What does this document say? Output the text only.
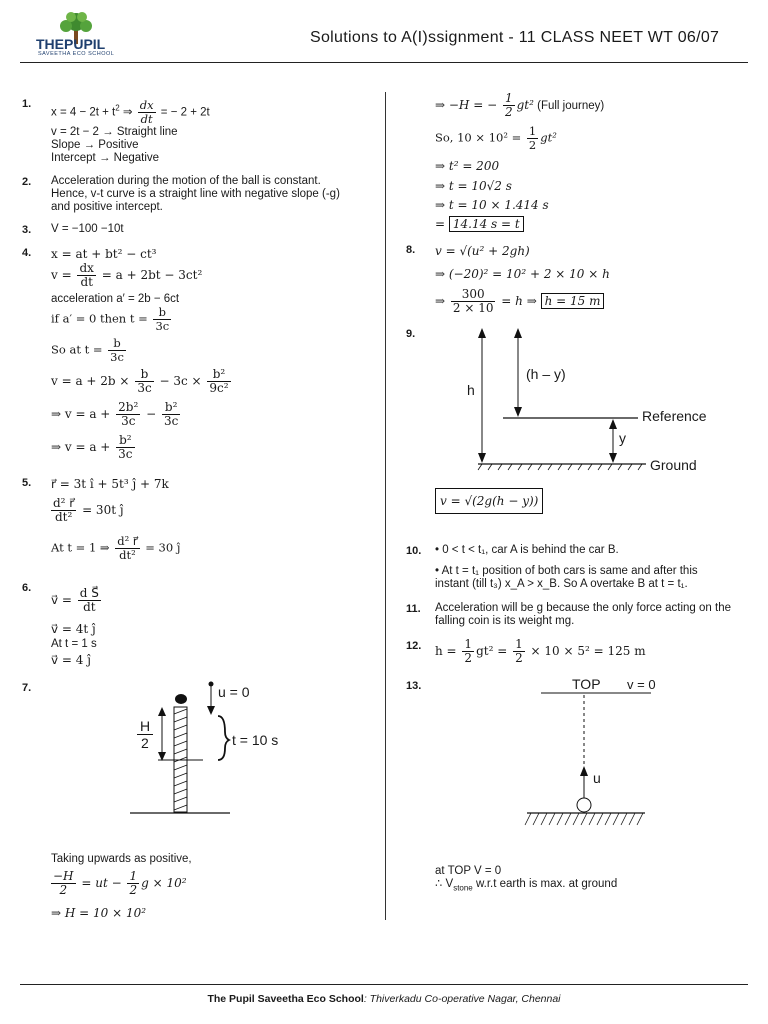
THEPUPIL
SAVEETHA ECO SCHOOL
Solutions to A(I)ssignment - 11 CLASS NEET WT 06/07
1.
$x = 4 - 2t + t^2$ ⇒ $\frac{dx}{dt}$ = − 2 + 2t
v = 2t − 2 → Straight line
Slope → Positive
Intercept → Negative
2. Acceleration during the motion of the ball is constant.
Hence, v-t curve is a straight line with negative slope (-g)
and positive intercept.
3. V = −100 −10t
4. x = at + bt² − ct³
$v = \frac{dx}{dt} = a + 2bt - 3ct^2$
acceleration a′ = 2b − 6ct
if a′ = 0 then $t = \frac{b}{3c}$
So at $t = \frac{b}{3c}$
$v = a + 2b \times \frac{b}{3c} - 3c \times \frac{\text{b²}}{\text{9c²}}$
⇒ $v = a + \frac{\text{2b²}}{3c} - \frac{\text{b²}}{3c}$
⇒ $v = a + \frac{\text{b²}}{3c}$
5. r⃗ = 3t î + 5t³ ĵ + 7k
$\frac{\text{d² r⃗}}{\text{dt²}} = 30t$ ĵ
At t = 1 ⇒ $\frac{\text{d² r⃗}}{\text{dt²}} = 30$ ĵ
6.
v⃗ = $\frac{\text{d S⃗}}{dt}$
v⃗ = 4t ĵ
At t = 1 s
v⃗ = 4 ĵ
7.	u = 0
H
2	t = 10 s
Taking upwards as positive,
$\frac{-H}{2}$ = ut − $\frac{1}{2}$ g × 10²
⇒ H = 10 × 10²
⇒ −H = − $\frac{1}{2} gt^2$ (Full journey)
So, $10 \times 10^2 = \frac{1}{2} gt^2$
⇒ t² = 200
⇒ t = 10√2 s
⇒ t = 10 × 1.414 s
= 14.14 s = t
8. v = √(u² + 2gh)
⇒ (−20)² = 10² + 2 × 10 × h
⇒ $\frac{300}{2 \times 10} = h$ ⇒ h = 15 m
9.
h
(h – y)
Reference
y
Ground
v = √(2g(h − y))
10. • 0 < t < t₁, car A is behind the car B.
• At t = t₁ position of both cars is same and after this
instant (till t₃) x_A > x_B. So A overtake B at t = t₁.
11. Acceleration will be g because the only force acting on the
falling coin is its weight mg.
12. $h = \frac{1}{2} gt^2 = \frac{1}{2} \times 10 \times 5^2 = 125$ m
13.	TOP v = 0
u
at TOP V = 0
∴ $V_{stone}$ w.r.t earth is max. at ground
The Pupil Saveetha Eco School: Thiverkadu Co-operative Nagar, Chennai
